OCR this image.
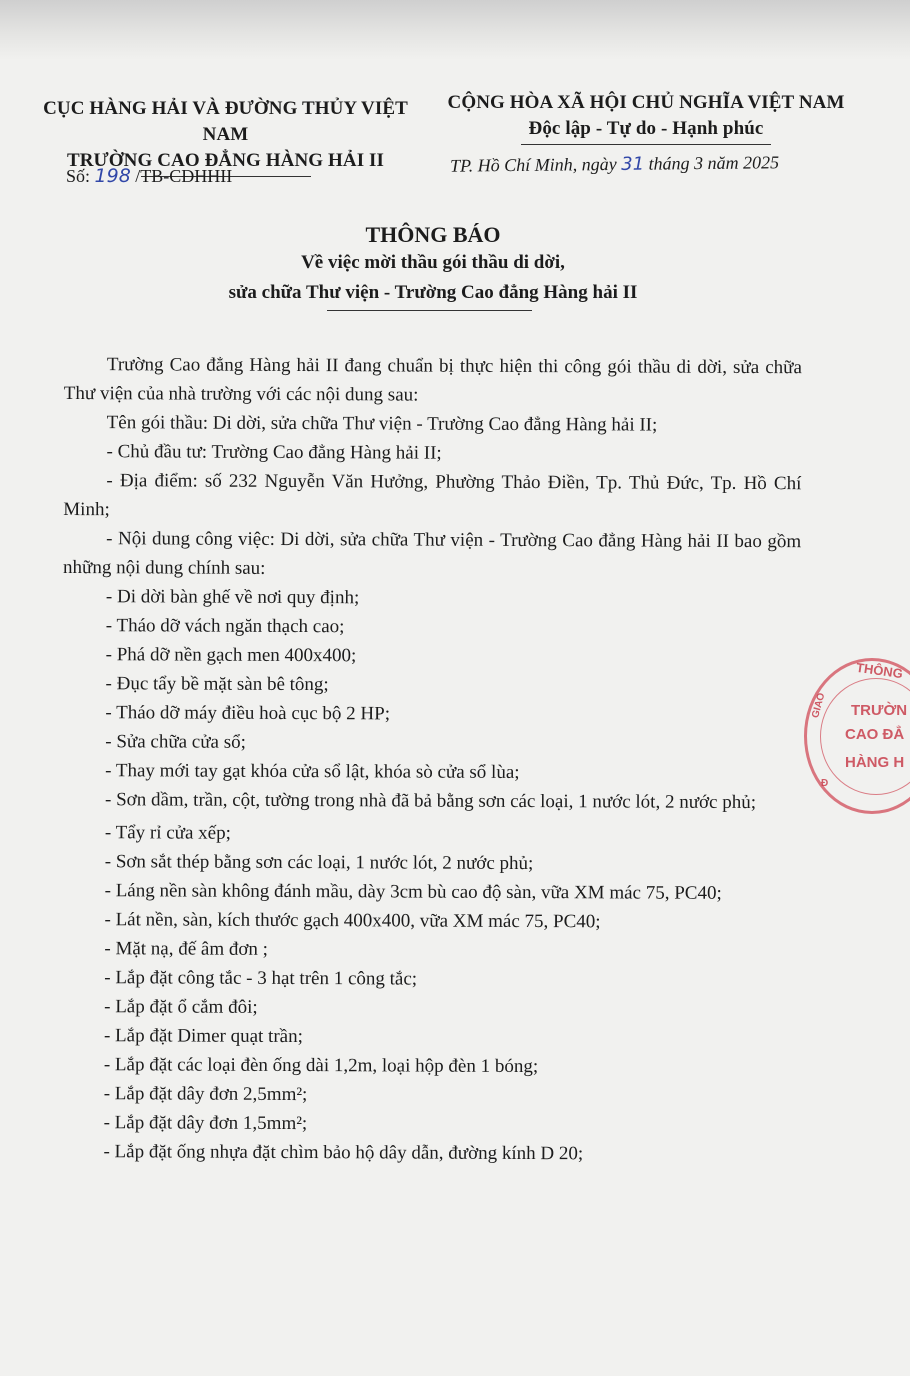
CỤC HÀNG HẢI VÀ ĐƯỜNG THỦY VIỆT NAM
TRƯỜNG CAO ĐẲNG HÀNG HẢI II
CỘNG HÒA XÃ HỘI CHỦ NGHĨA VIỆT NAM
Độc lập - Tự do - Hạnh phúc
Số: 198 /TB-CĐHHII
TP. Hồ Chí Minh, ngày 31 tháng 3 năm 2025
THÔNG BÁO
Về việc mời thầu gói thầu di dời,
sửa chữa Thư viện - Trường Cao đẳng Hàng hải II

Trường Cao đẳng Hàng hải II đang chuẩn bị thực hiện thi công gói thầu di dời, sửa chữa Thư viện của nhà trường với các nội dung sau:

Tên gói thầu: Di dời, sửa chữa Thư viện - Trường Cao đẳng Hàng hải II;

- Chủ đầu tư: Trường Cao đẳng Hàng hải II;

- Địa điểm: số 232 Nguyễn Văn Hưởng, Phường Thảo Điền, Tp. Thủ Đức, Tp. Hồ Chí Minh;

- Nội dung công việc: Di dời, sửa chữa Thư viện - Trường Cao đẳng Hàng hải II bao gồm những nội dung chính sau:

- Di dời bàn ghế về nơi quy định;

- Tháo dỡ vách ngăn thạch cao;

- Phá dỡ nền gạch men 400x400;

- Đục tẩy bề mặt sàn bê tông;

- Tháo dỡ máy điều hoà cục bộ 2 HP;

- Sửa chữa cửa sổ;

- Thay mới tay gạt khóa cửa sổ lật, khóa sò cửa sổ lùa;

- Sơn dầm, trần, cột, tường trong nhà đã bả bằng sơn các loại, 1 nước lót, 2 nước phủ;

- Tẩy rỉ cửa xếp;

- Sơn sắt thép bằng sơn các loại, 1 nước lót, 2 nước phủ;

- Láng nền sàn không đánh mầu, dày 3cm bù cao độ sàn, vữa XM mác 75, PC40;

- Lát nền, sàn, kích thước gạch 400x400, vữa XM mác 75, PC40;

- Mặt nạ, đế âm đơn ;

- Lắp đặt công tắc - 3 hạt trên 1 công tắc;

- Lắp đặt ổ cắm đôi;

- Lắp đặt Dimer quạt trần;

- Lắp đặt các loại đèn ống dài 1,2m, loại hộp đèn 1 bóng;

- Lắp đặt dây đơn 2,5mm²;

- Lắp đặt dây đơn 1,5mm²;

- Lắp đặt ống nhựa đặt chìm bảo hộ dây dẫn, đường kính D 20;

THÔNG
TRƯỜN
CAO ĐẲ
HÀNG H
GIAO
Đ
